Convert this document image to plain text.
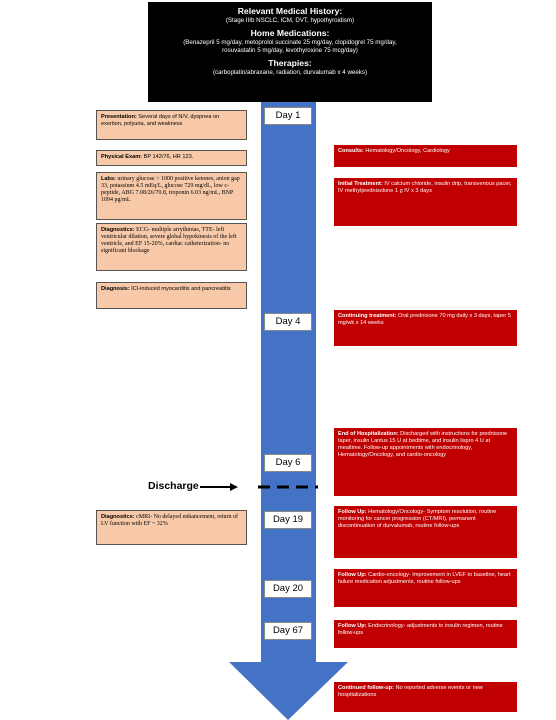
Relevant Medical History:
(Stage IIIb NSCLC, ICM, DVT, hypothyroidism)
Home Medications:
(Benazepril 5 mg/day, metoprolol succinate 25 mg/day, clopidogrel 75 mg/day, rosuvastatin 5 mg/day, levothyroxine 75 mcg/day)
Therapies:
(carboplatin/abraxane, radiation, durvalumab x 4 weeks)
Day 1
Day 4
Day 6
Day 19
Day 20
Day 67
Discharge
Presentation: Several days of N/V, dyspnea on exertion, polyuria, and weakness
Physical Exam: BP 142/76, HR 123.
Labs: urinary glucose > 1000 positive ketones, anion gap 33, potassium 4.5 mEq/L, glucose 729 mg/dL, low c-peptide, ABG 7.08/26/70.8, troponin 6.03 ng/mL, BNP 1094 pg/mL
Diagnostics: ECG- multiple arrythmias, TTE- left ventricular dilation, severe global hypokinesis of the left ventricle, and EF 15-20%, cardiac catheterization- no significant blockage
Diagnosis: ICI-induced myocarditis and pancreatitis
Diagnostics: cMRI- No delayed enhancement, return of LV function with EF ~ 32%
Consults: Hematology/Oncology, Cardiology
Initial Treatment: IV calcium chloride, insulin drip, transvenous pacer, IV methylprednisolone 1 g IV x 3 days
Continuing treatment: Oral prednisone 70 mg daily x 3 days, taper 5 mg/wk x 14 weeks
End of Hospitalization: Discharged with instructions for prednisone taper, insulin Lantus 15 U at bedtime, and insulin lispro 4 U at mealtime. Follow-up appointments with endocrinology, Hematology/Oncology, and cardio-oncology
Follow Up: Hematology/Oncology- Symptom resolution, routine monitoring for cancer progression (CT/MRI), permanent discontinuation of durvalumab, routine follow-ups
Follow Up: Cardio-oncology- Improvement in LVEF to baseline, heart failure medication adjustments, routine follow-ups
Follow Up: Endocrinology- adjustments to insulin regimen, routine follow-ups
Continued follow-up: No reported adverse events or new hospitalizations
